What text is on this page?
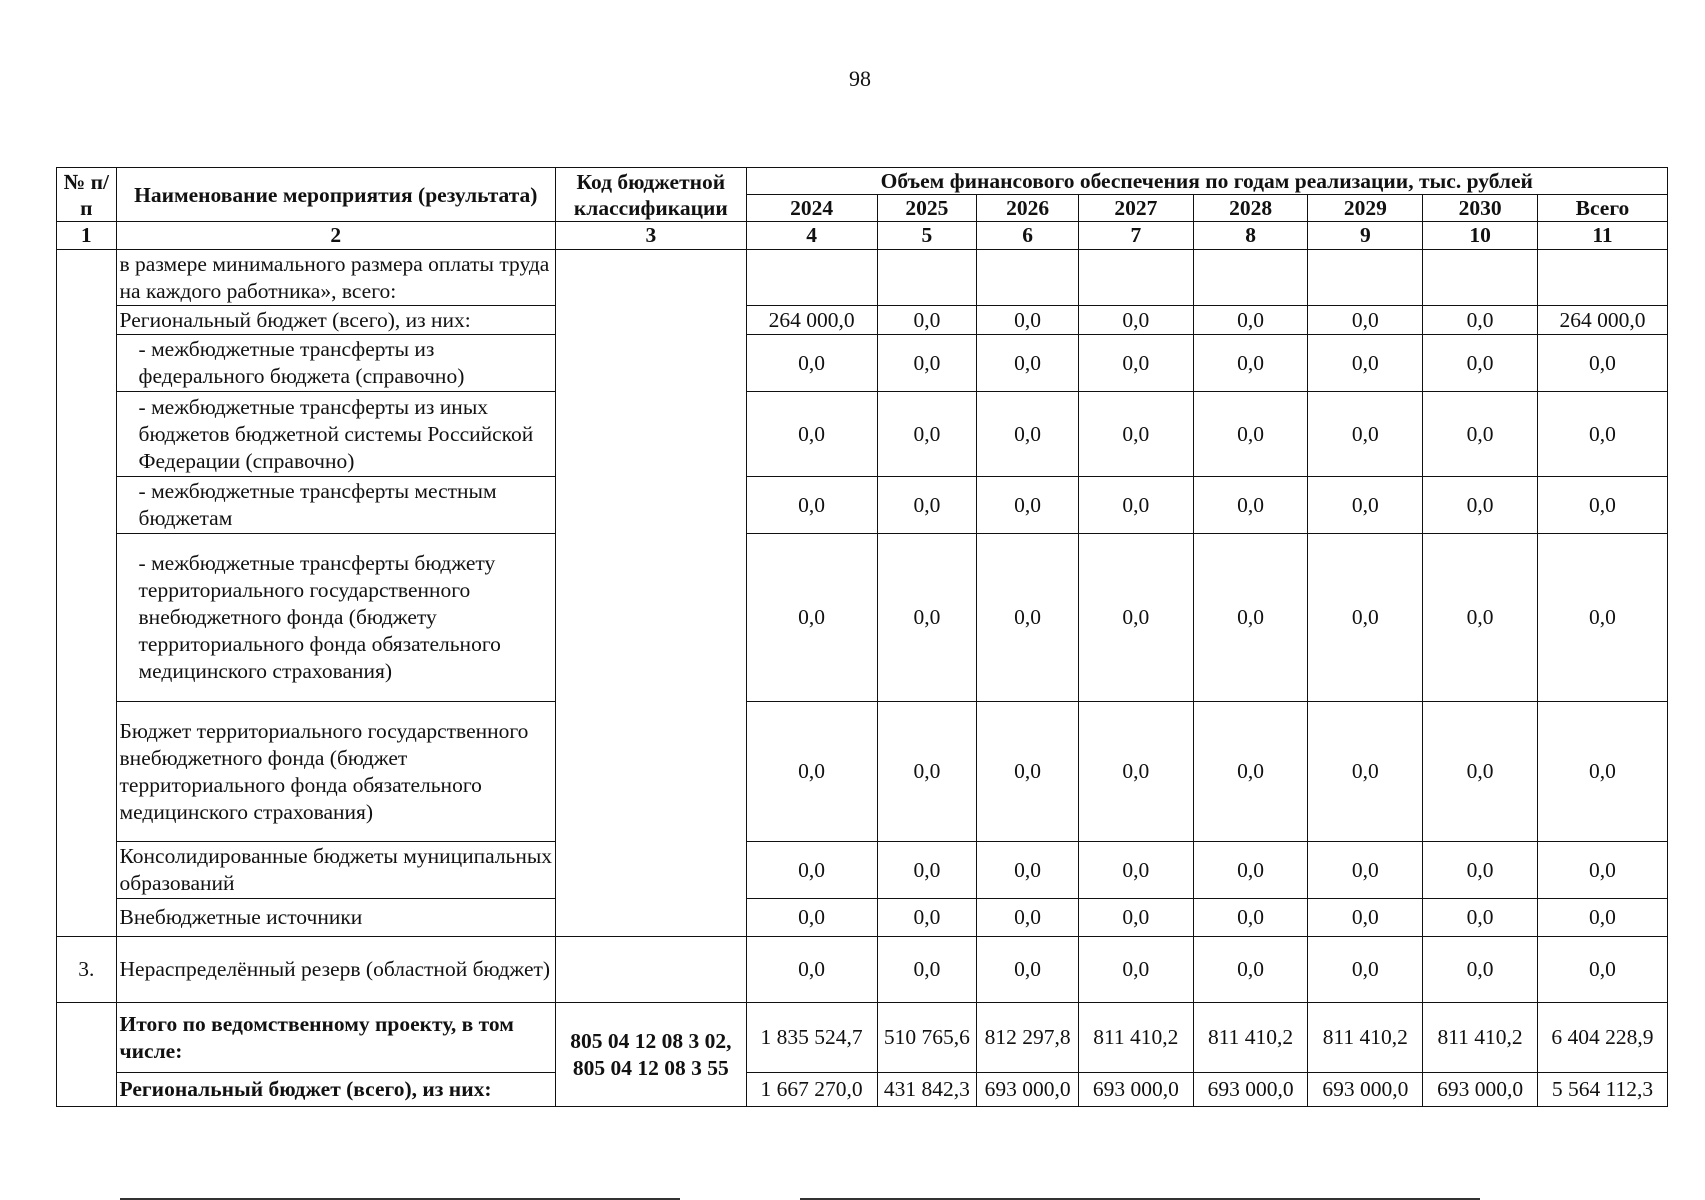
98
№ п/п	Наименование мероприятия (результата)	Код бюджетной классификации	Объем финансового обеспечения по годам реализации, тыс. рублей							
			2024	2025	2026	2027	2028	2029	2030	Всего
1	2	3	4	5	6	7	8	9	10	11
	в размере минимального размера оплаты труда на каждого работника», всего:									
	Региональный бюджет (всего), из них:		264 000,0	0,0	0,0	0,0	0,0	0,0	0,0	264 000,0
	- межбюджетные трансферты из федерального бюджета (справочно)		0,0	0,0	0,0	0,0	0,0	0,0	0,0	0,0
	- межбюджетные трансферты из иных бюджетов бюджетной системы Российской Федерации (справочно)		0,0	0,0	0,0	0,0	0,0	0,0	0,0	0,0
	- межбюджетные трансферты местным бюджетам		0,0	0,0	0,0	0,0	0,0	0,0	0,0	0,0
	- межбюджетные трансферты бюджету территориального государственного внебюджетного фонда (бюджету территориального фонда обязательного медицинского страхования)		0,0	0,0	0,0	0,0	0,0	0,0	0,0	0,0
	Бюджет территориального государственного внебюджетного фонда (бюджет территориального фонда обязательного медицинского страхования)		0,0	0,0	0,0	0,0	0,0	0,0	0,0	0,0
	Консолидированные бюджеты муниципальных образований		0,0	0,0	0,0	0,0	0,0	0,0	0,0	0,0
	Внебюджетные источники		0,0	0,0	0,0	0,0	0,0	0,0	0,0	0,0
3.	Нераспределённый резерв (областной бюджет)		0,0	0,0	0,0	0,0	0,0	0,0	0,0	0,0
	Итого по ведомственному проекту, в том числе:	805 04 12 08 3 02, 805 04 12 08 3 55	1 835 524,7	510 765,6	812 297,8	811 410,2	811 410,2	811 410,2	811 410,2	6 404 228,9
	Региональный бюджет (всего), из них:		1 667 270,0	431 842,3	693 000,0	693 000,0	693 000,0	693 000,0	693 000,0	5 564 112,3
